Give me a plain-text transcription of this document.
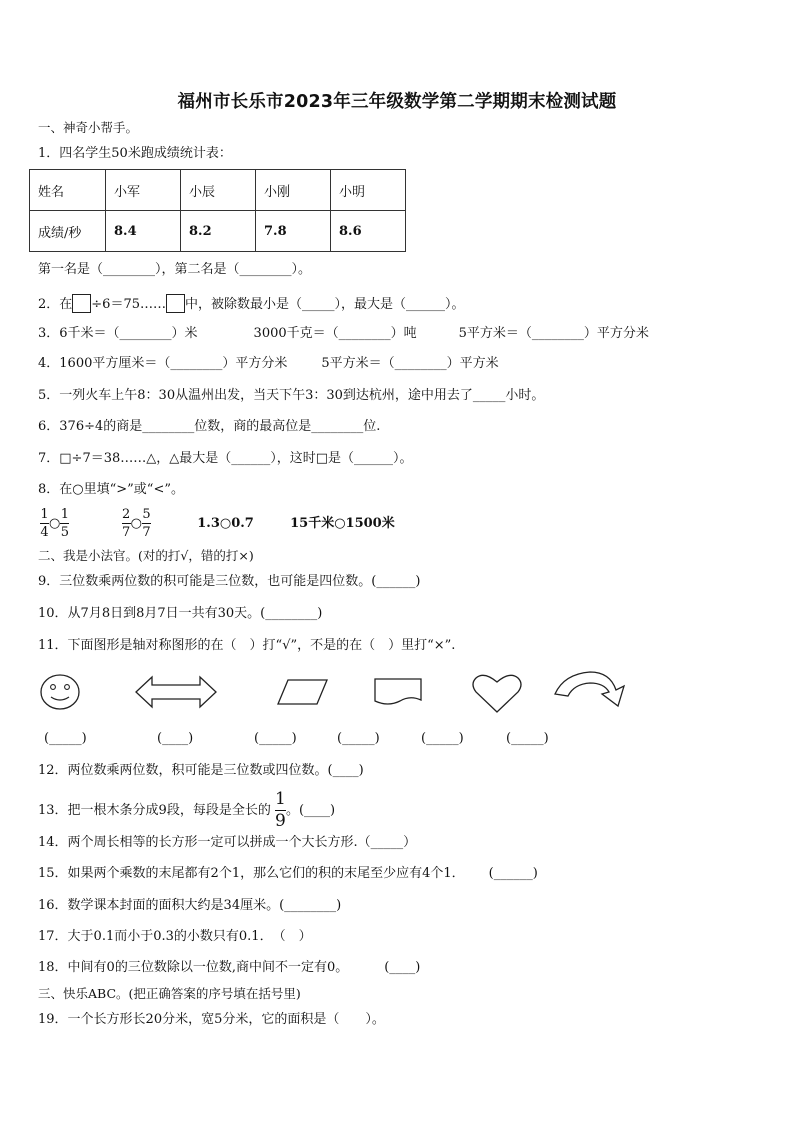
福州市长乐市2023年三年级数学第二学期期末检测试题
一、神奇小帮手。
1．四名学生50米跑成绩统计表：
姓名	小军	小辰	小刚	小明
成绩/秒	8.4	8.2	7.8	8.6
第一名是（________），第二名是（________）。
2．在 ÷6＝75…… 中，被除数最小是（_____），最大是（______）。
3．6千米＝（________）米	3000千克＝（________）吨	5平方米＝（________）平方分米
4．1600平方厘米＝（________）平方分米	5平方米＝（________）平方米
5．一列火车上午8：30从温州出发，当天下午3：30到达杭州，途中用去了_____小时。
6．376÷4的商是________位数，商的最高位是________位.
7．□÷7＝38……△，△最大是（______），这时□是（______）。
8．在○里填“>”或“<”。
$\frac{1}{4}$ ○ $\frac{1}{5}$
	$\frac{2}{7}$ ○ $\frac{5}{7}$	1.3○0.7	15千米○1500米
二、我是小法官。(对的打√，错的打×)
9．三位数乘两位数的积可能是三位数，也可能是四位数。(______)
10．从7月8日到8月7日一共有30天。(________)
11．下面图形是轴对称图形的在（　）打“√”，不是的在（　）里打“×”.
(_____)	(____)	(_____)	(_____)	(_____)	(_____)
12．两位数乘两位数，积可能是三位数或四位数。(____)
13．把一根木条分成9段，每段是全长的 $\frac{1}{9}$ 。(____)
14．两个周长相等的长方形一定可以拼成一个大长方形.（_____）
15．如果两个乘数的末尾都有2个1，那么它们的积的末尾至少应有4个1． (______)
16．数学课本封面的面积大约是34厘米。(________)
17．大于0.1而小于0.3的小数只有0.1．　（　）
18．中间有0的三位数除以一位数,商中间不一定有0。	(____)
三、快乐ABC。(把正确答案的序号填在括号里)
19．一个长方形长20分米，宽5分米，它的面积是（　　）。
